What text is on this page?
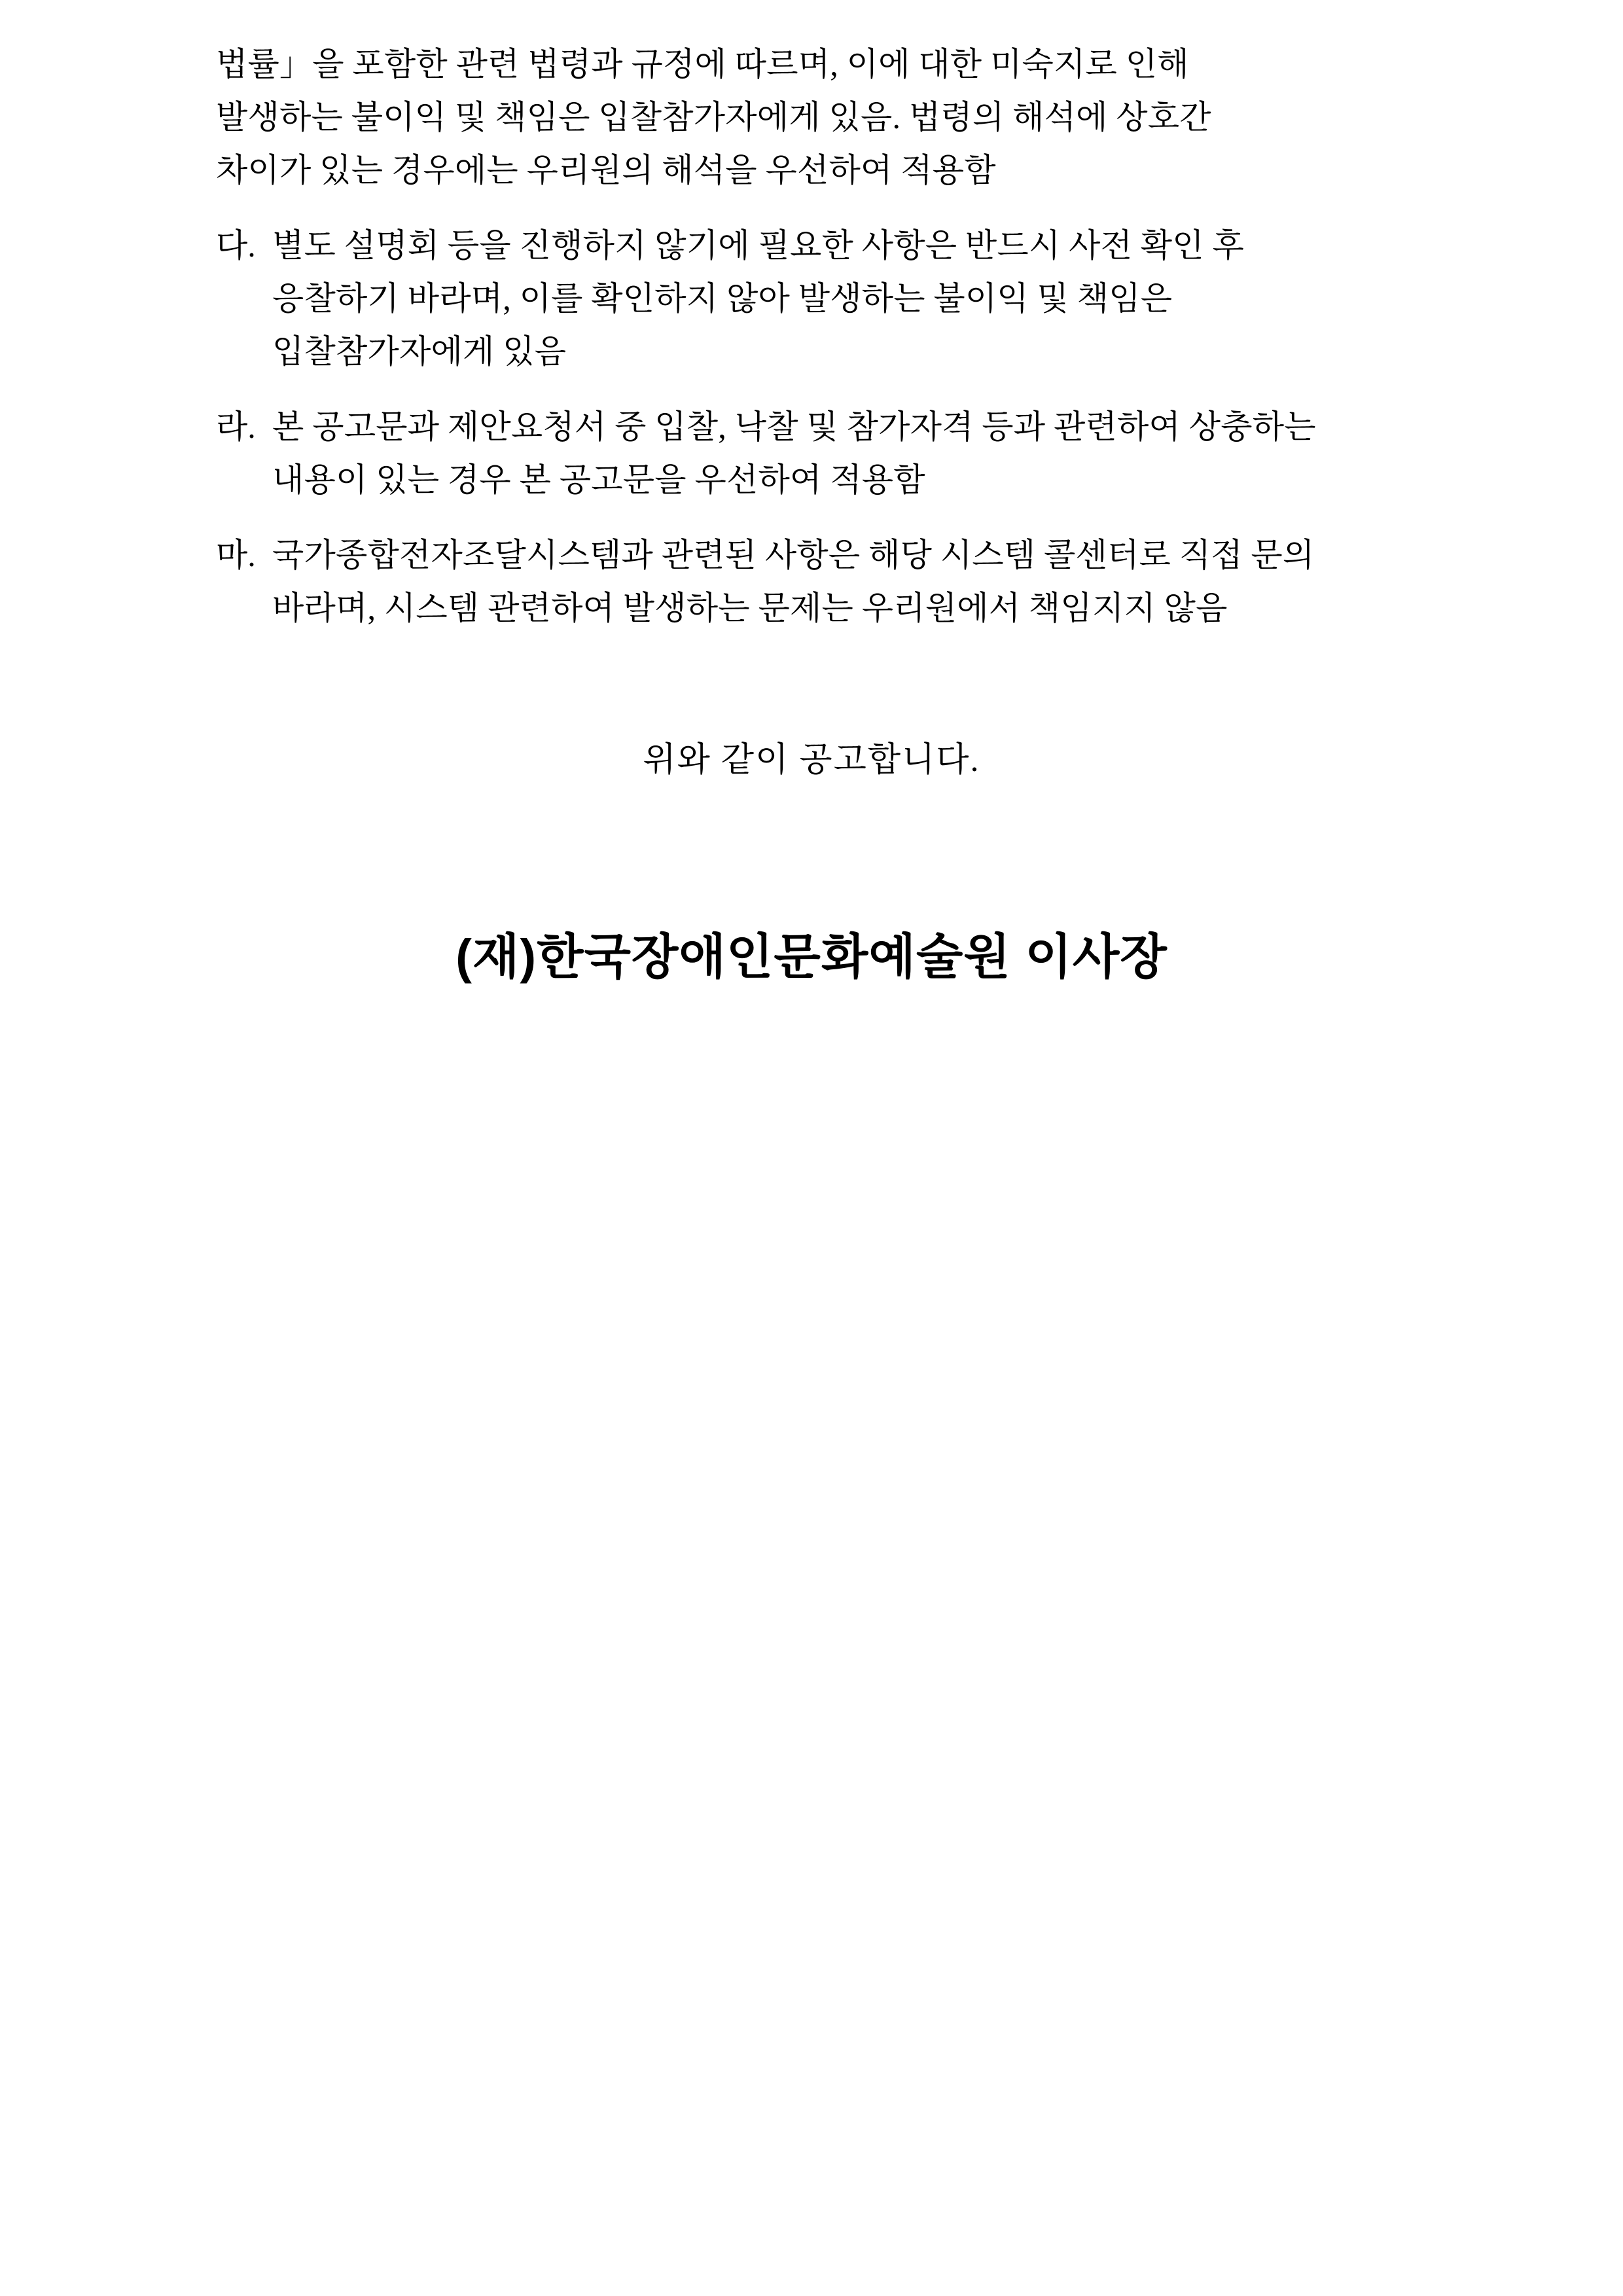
법률」을 포함한 관련 법령과 규정에 따르며, 이에 대한 미숙지로 인해
발생하는 불이익 및 책임은 입찰참가자에게 있음. 법령의 해석에 상호간
차이가 있는 경우에는 우리원의 해석을 우선하여 적용함
다. 별도 설명회 등을 진행하지 않기에 필요한 사항은 반드시 사전 확인 후
응찰하기 바라며, 이를 확인하지 않아 발생하는 불이익 및 책임은
입찰참가자에게 있음
라. 본 공고문과 제안요청서 중 입찰, 낙찰 및 참가자격 등과 관련하여 상충하는
내용이 있는 경우 본 공고문을 우선하여 적용함
마. 국가종합전자조달시스템과 관련된 사항은 해당 시스템 콜센터로 직접 문의
바라며, 시스템 관련하여 발생하는 문제는 우리원에서 책임지지 않음
위와 같이 공고합니다.
(재)한국장애인문화예술원 이사장
